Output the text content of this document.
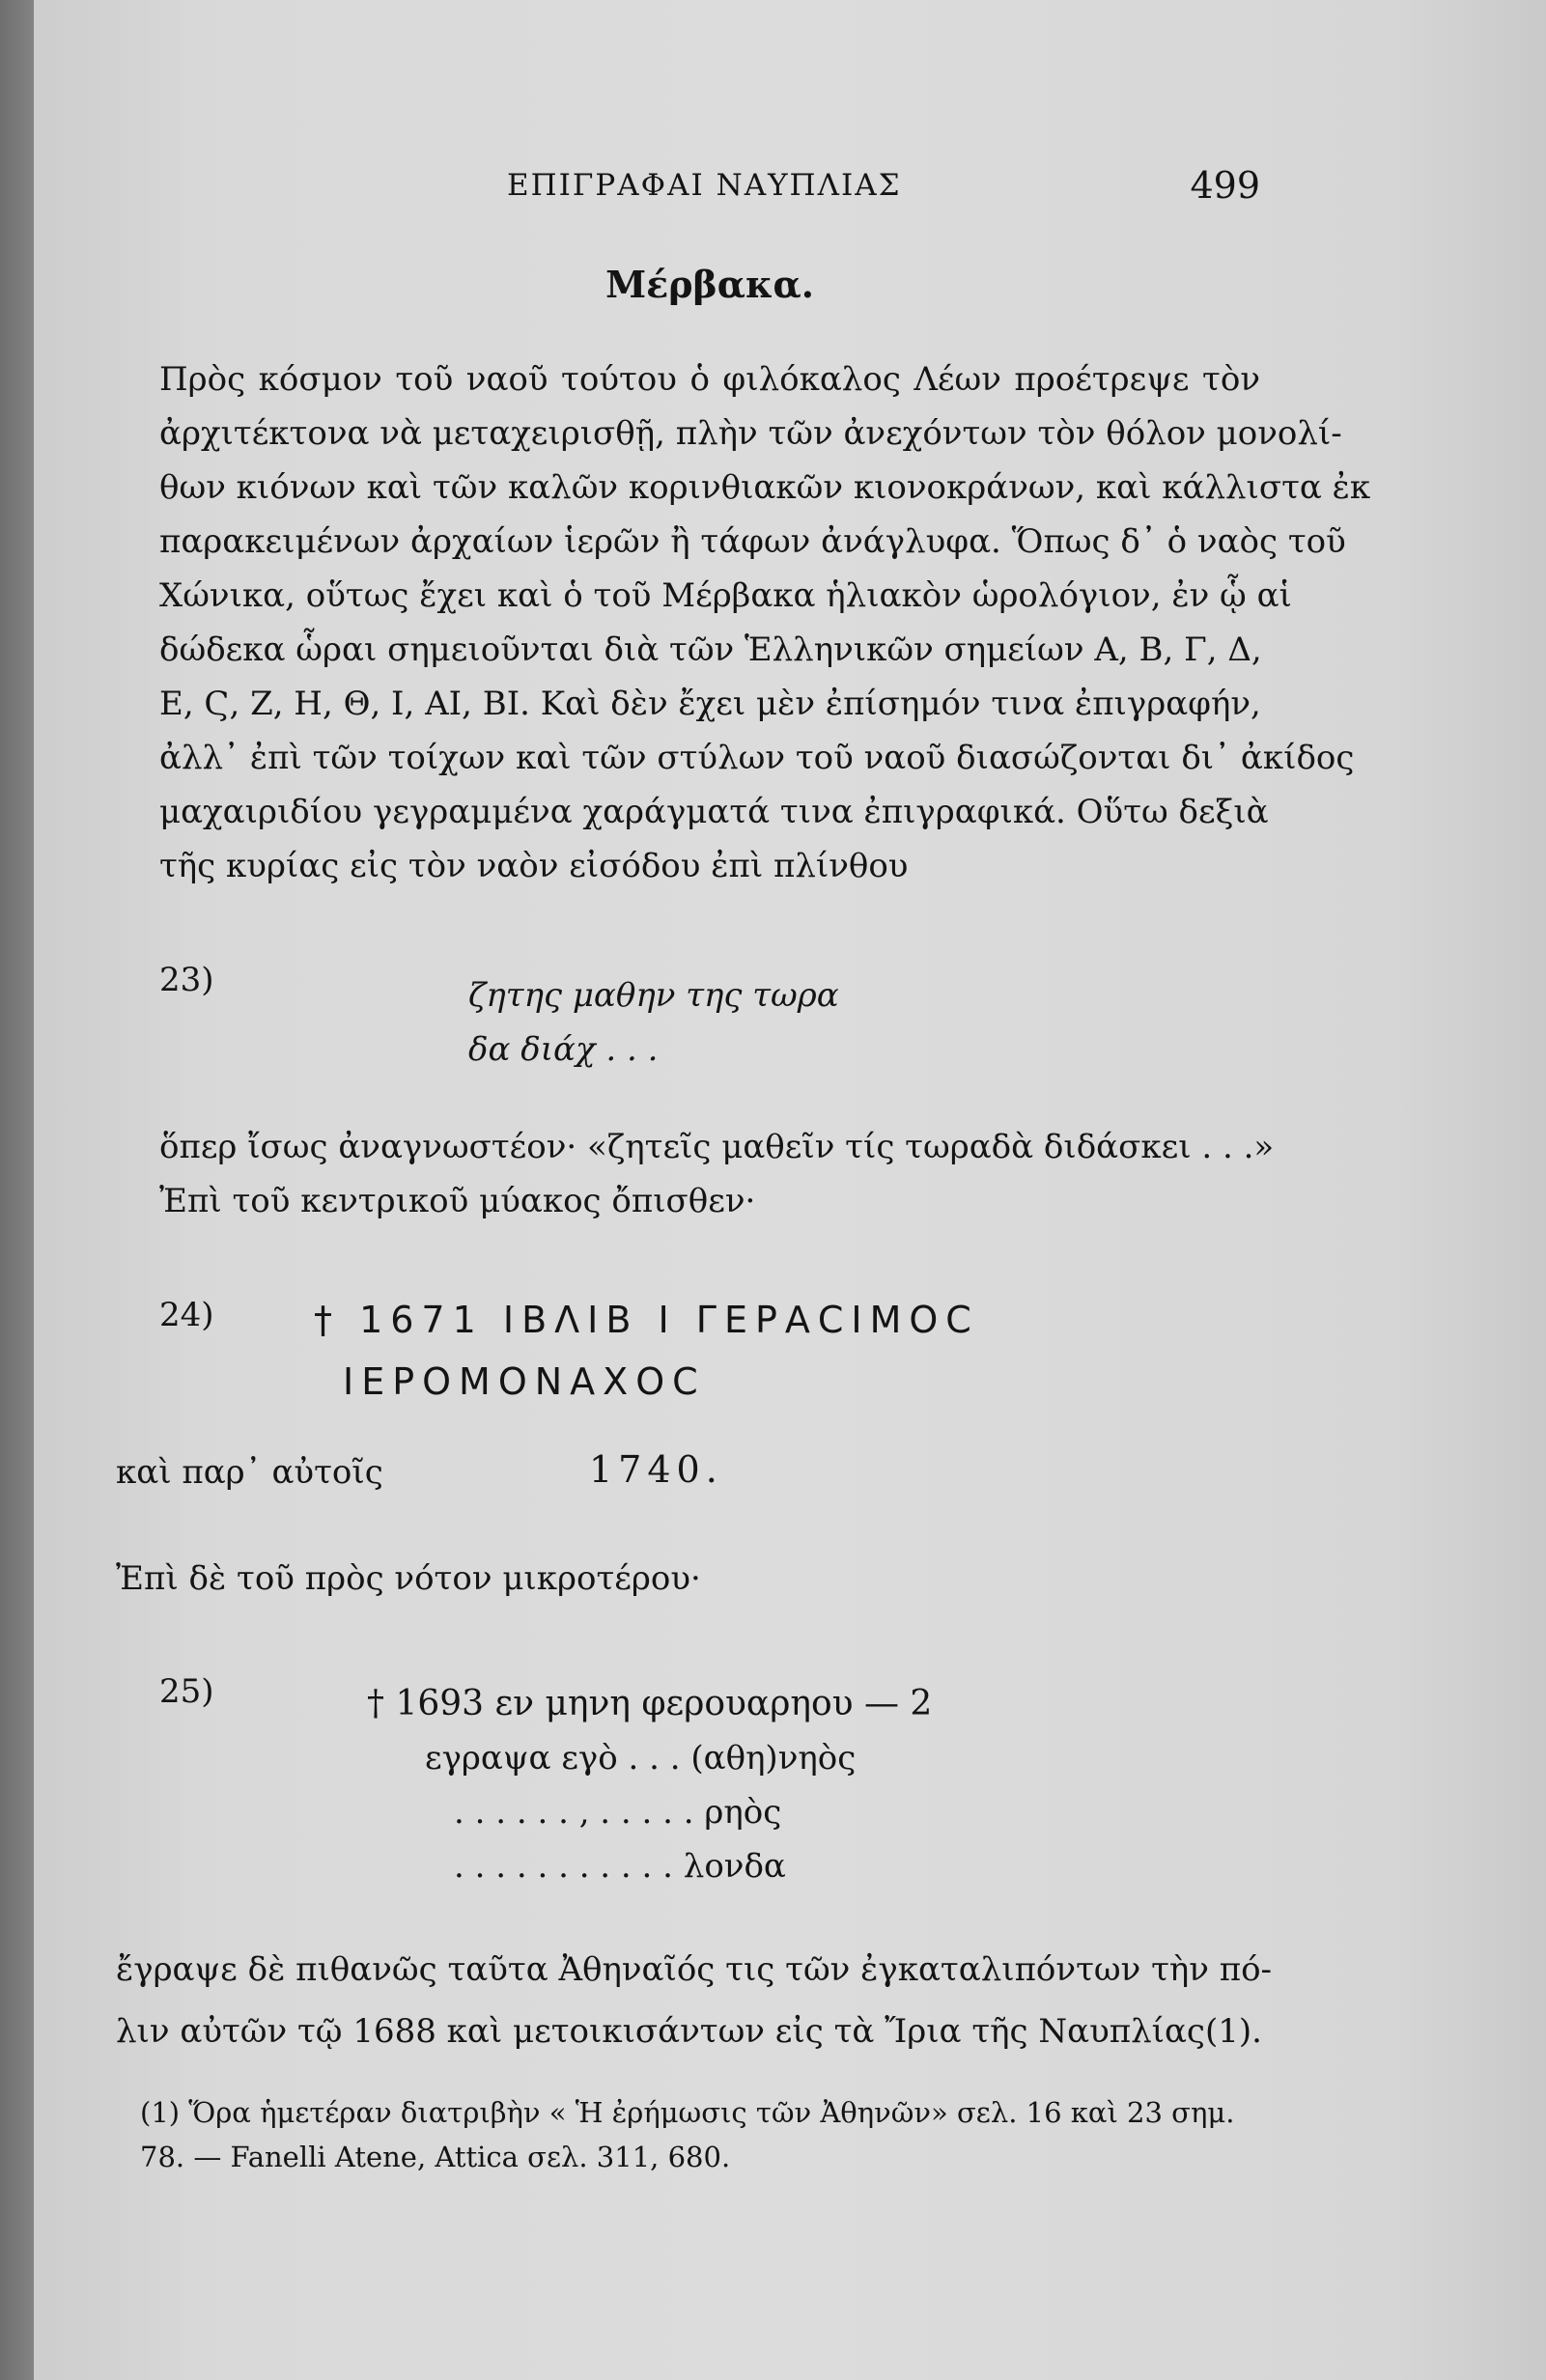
ΕΠΙΓΡΑΦΑΙ ΝΑΥΠΛΙΑΣ	499
Μέρβακα.
Πρὸς κόσμον τοῦ ναοῦ τούτου ὁ φιλόκαλος Λέων προέτρεψε τὸν
ἀρχιτέκτονα νὰ μεταχειρισθῇ, πλὴν τῶν ἀνεχόντων τὸν θόλον μονολί-
θων κιόνων καὶ τῶν καλῶν κορινθιακῶν κιονοκράνων, καὶ κάλλιστα ἐκ
παρακειμένων ἀρχαίων ἱερῶν ἢ τάφων ἀνάγλυφα. Ὅπως δ᾽ ὁ ναὸς τοῦ
Χώνικα, οὕτως ἔχει καὶ ὁ τοῦ Μέρβακα ἡλιακὸν ὡρολόγιον, ἐν ᾧ αἱ
δώδεκα ὧραι σημειοῦνται διὰ τῶν Ἑλληνικῶν σημείων Α, Β, Γ, Δ,
Ε, Ϛ, Ζ, Η, Θ, Ι, ΑΙ, ΒΙ. Καὶ δὲν ἔχει μὲν ἐπίσημόν τινα ἐπιγραφήν,
ἀλλ᾽ ἐπὶ τῶν τοίχων καὶ τῶν στύλων τοῦ ναοῦ διασώζονται δι᾽ ἀκίδος
μαχαιριδίου γεγραμμένα χαράγματά τινα ἐπιγραφικά. Οὕτω δεξιὰ
τῆς κυρίας εἰς τὸν ναὸν εἰσόδου ἐπὶ πλίνθου
23)	ζητης μαθην της τωρα
δα διάχ . . .
ὅπερ ἴσως ἀναγνωστέον· «ζητεῖς μαθεῖν τίς τωραδὰ διδάσκει . . .»
Ἐπὶ τοῦ κεντρικοῦ μύακος ὄπισθεν·
24)	† 1671 ΙΒΛΙΒ Ι ΓΕΡΑCΙΜΟC
ΙΕΡΟΜΟΝΑΧΟC
καὶ παρ᾽ αὐτοῖς	1740.
Ἐπὶ δὲ τοῦ πρὸς νότον μικροτέρου·
25)	† 1693 εν μηνη φερουαρηου — 2
εγραψα εγὸ . . . (αθη)νηὸς
. . . . . . , . . . . . ρηὸς
. . . . . . . . . . . λονδα
ἔγραψε δὲ πιθανῶς ταῦτα Ἀθηναῖός τις τῶν ἐγκαταλιπόντων τὴν πό-
λιν αὐτῶν τῷ 1688 καὶ μετοικισάντων εἰς τὰ Ἴρια τῆς Ναυπλίας(1).
(1) Ὅρα ἡμετέραν διατριβὴν « Ἡ ἐρήμωσις τῶν Ἀθηνῶν» σελ. 16 καὶ 23 σημ.
78. — Fanelli Atene, Attica σελ. 311, 680.
